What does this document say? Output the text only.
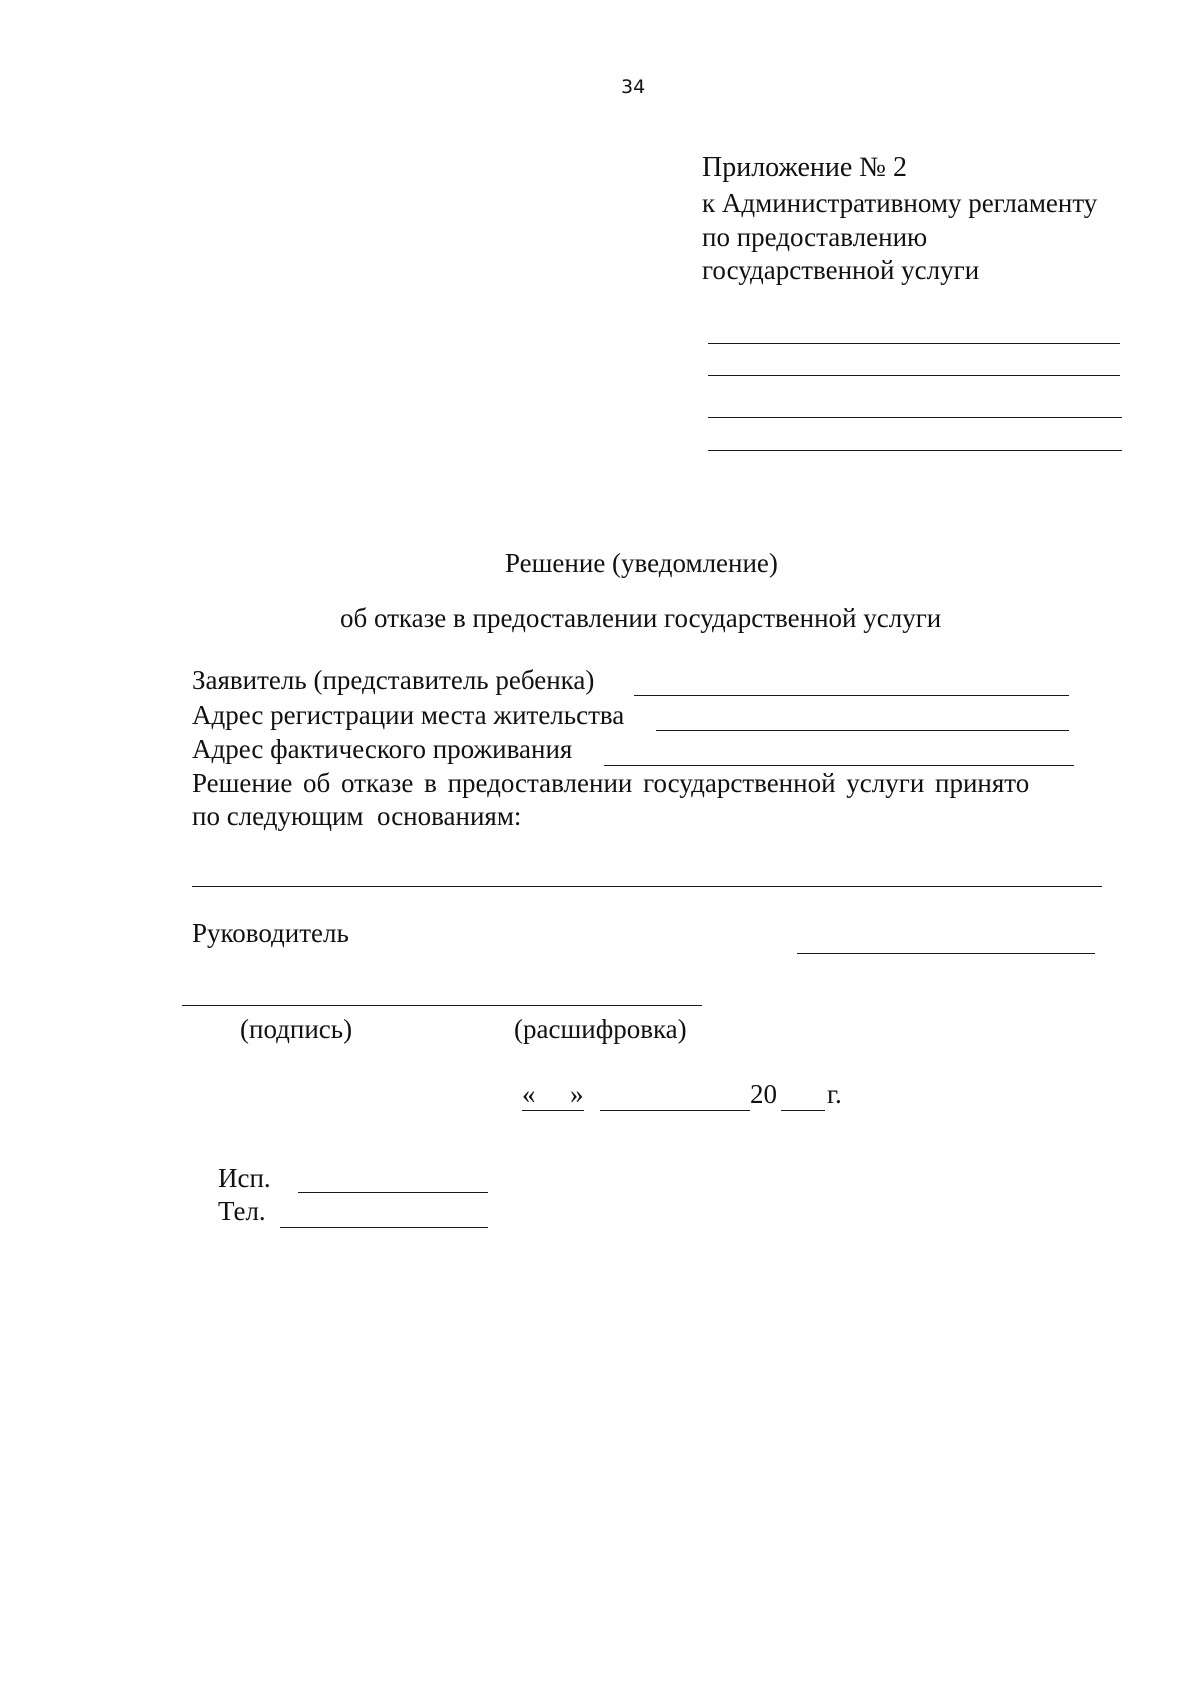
34
Приложение № 2
к Административному регламенту
по предоставлению
государственной услуги
Решение (уведомление)
об отказе в предоставлении государственной услуги
Заявитель (представитель ребенка)
Адрес регистрации места жительства
Адрес фактического проживания
Решение об отказе в предоставлении государственной услуги принято
по следующим  основаниям:
Руководитель
(подпись)	(расшифровка)
« »	20 г.
Исп.
Тел.
